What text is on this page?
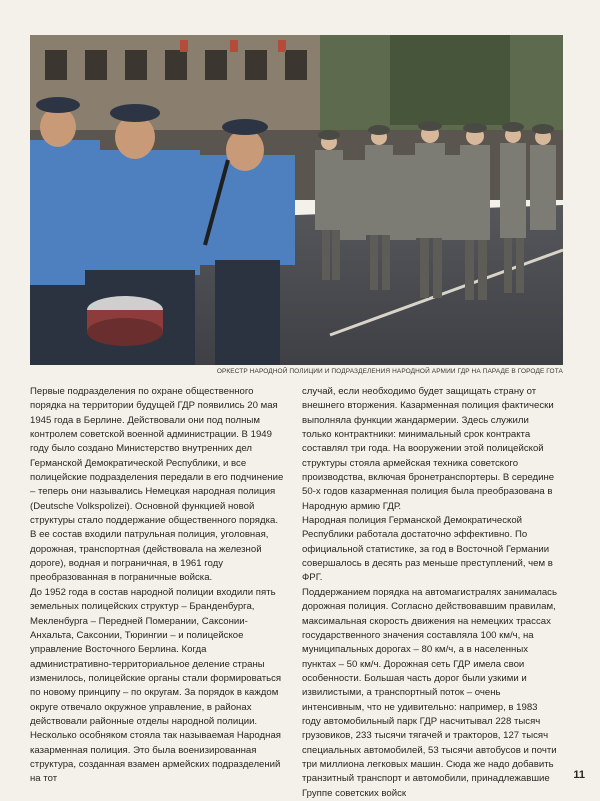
ОРКЕСТР НАРОДНОЙ ПОЛИЦИИ И ПОДРАЗДЕЛЕНИЯ НАРОДНОЙ АРМИИ ГДР НА ПАРАДЕ В ГОРОДЕ ГОТА

Первые подразделения по охране общественного порядка на территории будущей ГДР появились 20 мая 1945 года в Берлине. Действовали они под полным контролем советской военной администрации. В 1949 году было создано Министерство внутренних дел Германской Демократической Республики, и все полицейские подразделения передали в его подчинение – теперь они назывались Немецкая народная полиция (Deutsche Volkspolizei). Основной функцией новой структуры стало поддержание общественного порядка. В ее состав входили патрульная полиция, уголовная, дорожная, транспортная (действовала на железной дороге), водная и пограничная, в 1961 году преобразованная в пограничные войска.

До 1952 года в состав народной полиции входили пять земельных полицейских структур – Бранденбурга, Мекленбурга – Передней Померании, Саксонии-Анхальта, Саксонии, Тюрингии – и полицейское управление Восточного Берлина. Когда административно-территориальное деление страны изменилось, полицейские органы стали формироваться по новому принципу – по округам. За порядок в каждом округе отвечало окружное управление, в районах действовали районные отделы народной полиции.

Несколько особняком стояла так называемая Народная казарменная полиция. Это была военизированная структура, созданная взамен армейских подразделений на тот

случай, если необходимо будет защищать страну от внешнего вторжения. Казарменная полиция фактически выполняла функции жандармерии. Здесь служили только контрактники: минимальный срок контракта составлял три года. На вооружении этой полицейской структуры стояла армейская техника советского производства, включая бронетранспортеры. В середине 50-х годов казарменная полиция была преобразована в Народную армию ГДР.

Народная полиция Германской Демократической Республики работала достаточно эффективно. По официальной статистике, за год в Восточной Германии совершалось в десять раз меньше преступлений, чем в ФРГ.

Поддержанием порядка на автомагистралях занималась дорожная полиция. Согласно действовавшим правилам, максимальная скорость движения на немецких трассах государственного значения составляла 100 км/ч, на муниципальных дорогах – 80 км/ч, а в населенных пунктах – 50 км/ч. Дорожная сеть ГДР имела свои особенности. Большая часть дорог были узкими и извилистыми, а транспортный поток – очень интенсивным, что не удивительно: например, в 1983 году автомобильный парк ГДР насчитывал 228 тысяч грузовиков, 233 тысячи тягачей и тракторов, 127 тысяч специальных автомобилей, 53 тысячи автобусов и почти три миллиона легковых машин. Сюда же надо добавить транзитный транспорт и автомобили, принадлежавшие Группе советских войск

11
